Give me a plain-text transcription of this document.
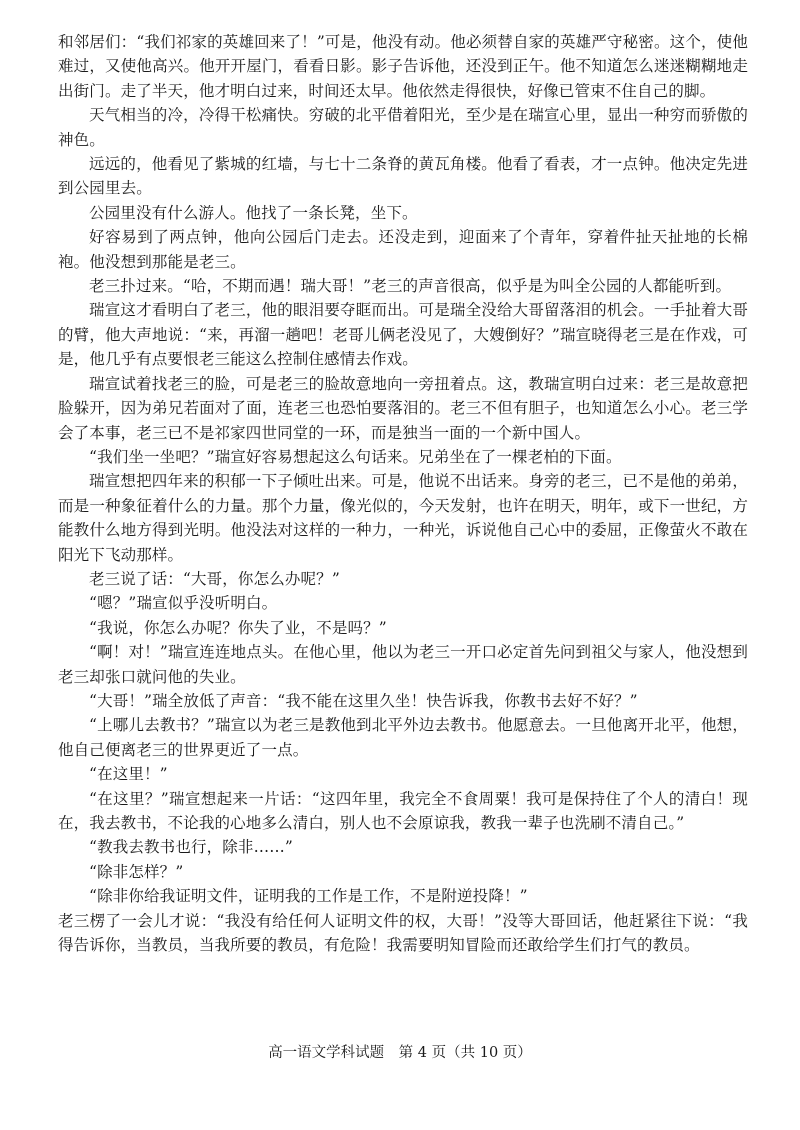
和邻居们：“我们祁家的英雄回来了！”可是，他没有动。他必须替自家的英雄严守秘密。这个，使他难过，又使他高兴。他开开屋门，看看日影。影子告诉他，还没到正午。他不知道怎么迷迷糊糊地走出街门。走了半天，他才明白过来，时间还太早。他依然走得很快，好像已管束不住自己的脚。

天气相当的冷，冷得干松痛快。穷破的北平借着阳光，至少是在瑞宣心里，显出一种穷而骄傲的神色。

远远的，他看见了紫城的红墙，与七十二条脊的黄瓦角楼。他看了看表，才一点钟。他决定先进到公园里去。

公园里没有什么游人。他找了一条长凳，坐下。

好容易到了两点钟，他向公园后门走去。还没走到，迎面来了个青年，穿着件扯天扯地的长棉袍。他没想到那能是老三。

老三扑过来。“哈，不期而遇！瑞大哥！”老三的声音很高，似乎是为叫全公园的人都能听到。

瑞宣这才看明白了老三，他的眼泪要夺眶而出。可是瑞全没给大哥留落泪的机会。一手扯着大哥的臂，他大声地说：“来，再溜一趟吧！老哥儿俩老没见了，大嫂倒好？”瑞宣晓得老三是在作戏，可是，他几乎有点要恨老三能这么控制住感情去作戏。

瑞宣试着找老三的脸，可是老三的脸故意地向一旁扭着点。这，教瑞宣明白过来：老三是故意把脸躲开，因为弟兄若面对了面，连老三也恐怕要落泪的。老三不但有胆子，也知道怎么小心。老三学会了本事，老三已不是祁家四世同堂的一环，而是独当一面的一个新中国人。

“我们坐一坐吧？”瑞宣好容易想起这么句话来。兄弟坐在了一棵老柏的下面。

瑞宣想把四年来的积郁一下子倾吐出来。可是，他说不出话来。身旁的老三，已不是他的弟弟，而是一种象征着什么的力量。那个力量，像光似的，今天发射，也许在明天，明年，或下一世纪，方能教什么地方得到光明。他没法对这样的一种力，一种光，诉说他自己心中的委屈，正像萤火不敢在阳光下飞动那样。

老三说了话：“大哥，你怎么办呢？”

“嗯？”瑞宣似乎没听明白。

“我说，你怎么办呢？你失了业，不是吗？”

“啊！对！”瑞宣连连地点头。在他心里，他以为老三一开口必定首先问到祖父与家人，他没想到老三却张口就问他的失业。

“大哥！”瑞全放低了声音：“我不能在这里久坐！快告诉我，你教书去好不好？”

“上哪儿去教书？”瑞宣以为老三是教他到北平外边去教书。他愿意去。一旦他离开北平，他想，他自己便离老三的世界更近了一点。

“在这里！”

“在这里？”瑞宣想起来一片话：“这四年里，我完全不食周粟！我可是保持住了个人的清白！现在，我去教书，不论我的心地多么清白，别人也不会原谅我，教我一辈子也洗刷不清自己。”

“教我去教书也行，除非……”

“除非怎样？”

“除非你给我证明文件，证明我的工作是工作，不是附逆投降！”

老三楞了一会儿才说：“我没有给任何人证明文件的权，大哥！”没等大哥回话，他赶紧往下说：“我得告诉你，当教员，当我所要的教员，有危险！我需要明知冒险而还敢给学生们打气的教员。

高一语文学科试题　第 4 页（共 10 页）
